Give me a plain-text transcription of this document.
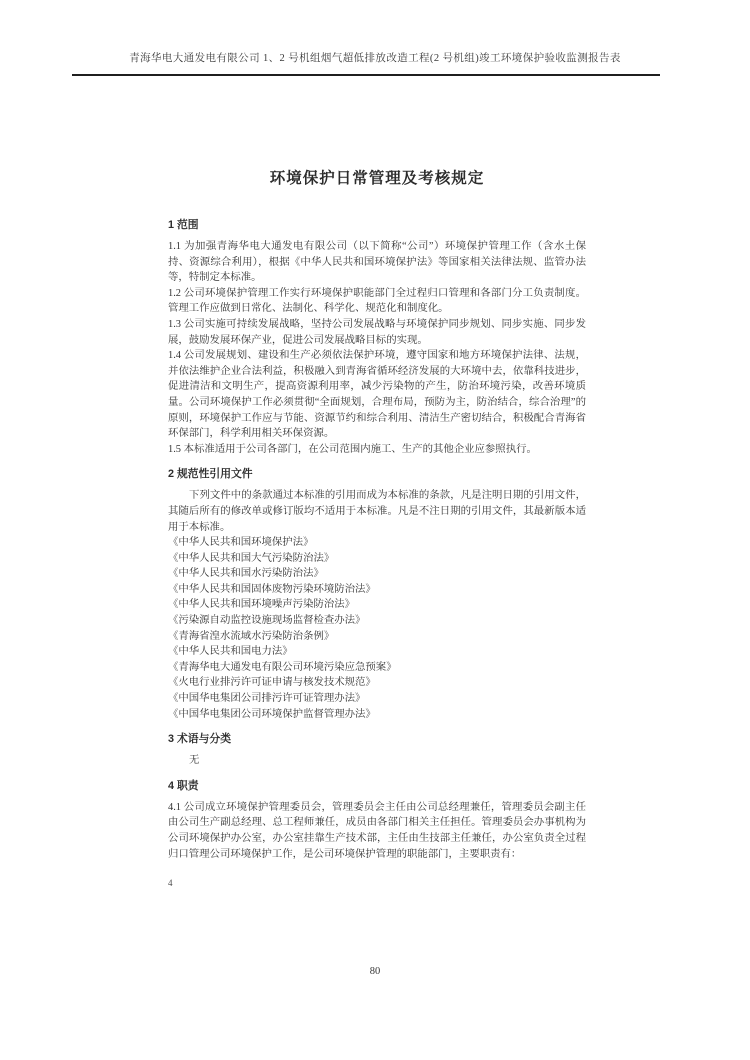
青海华电大通发电有限公司 1、2 号机组烟气超低排放改造工程(2 号机组)竣工环境保护验收监测报告表
环境保护日常管理及考核规定
1 范围
1.1 为加强青海华电大通发电有限公司（以下简称“公司”）环境保护管理工作（含水土保持、资源综合利用），根据《中华人民共和国环境保护法》等国家相关法律法规、监管办法等，特制定本标准。
1.2 公司环境保护管理工作实行环境保护职能部门全过程归口管理和各部门分工负责制度。管理工作应做到日常化、法制化、科学化、规范化和制度化。
1.3 公司实施可持续发展战略，坚持公司发展战略与环境保护同步规划、同步实施、同步发展，鼓励发展环保产业，促进公司发展战略目标的实现。
1.4 公司发展规划、建设和生产必须依法保护环境，遵守国家和地方环境保护法律、法规，并依法维护企业合法利益，积极融入到青海省循环经济发展的大环境中去，依靠科技进步，促进清洁和文明生产，提高资源利用率，减少污染物的产生，防治环境污染，改善环境质量。公司环境保护工作必须贯彻“全面规划，合理布局，预防为主，防治结合，综合治理”的原则，环境保护工作应与节能、资源节约和综合利用、清洁生产密切结合，积极配合青海省环保部门，科学利用相关环保资源。
1.5 本标准适用于公司各部门，在公司范围内施工、生产的其他企业应参照执行。
2 规范性引用文件
下列文件中的条款通过本标准的引用而成为本标准的条款，凡是注明日期的引用文件，其随后所有的修改单或修订版均不适用于本标准。凡是不注日期的引用文件，其最新版本适用于本标准。
《中华人民共和国环境保护法》
《中华人民共和国大气污染防治法》
《中华人民共和国水污染防治法》
《中华人民共和国固体废物污染环境防治法》
《中华人民共和国环境噪声污染防治法》
《污染源自动监控设施现场监督检查办法》
《青海省湟水流域水污染防治条例》
《中华人民共和国电力法》
《青海华电大通发电有限公司环境污染应急预案》
《火电行业排污许可证申请与核发技术规范》
《中国华电集团公司排污许可证管理办法》
《中国华电集团公司环境保护监督管理办法》
3 术语与分类
无
4 职责
4.1 公司成立环境保护管理委员会，管理委员会主任由公司总经理兼任，管理委员会副主任由公司生产副总经理、总工程师兼任，成员由各部门相关主任担任。管理委员会办事机构为公司环境保护办公室，办公室挂靠生产技术部，主任由生技部主任兼任，办公室负责全过程归口管理公司环境保护工作，是公司环境保护管理的职能部门，主要职责有：
4
80
